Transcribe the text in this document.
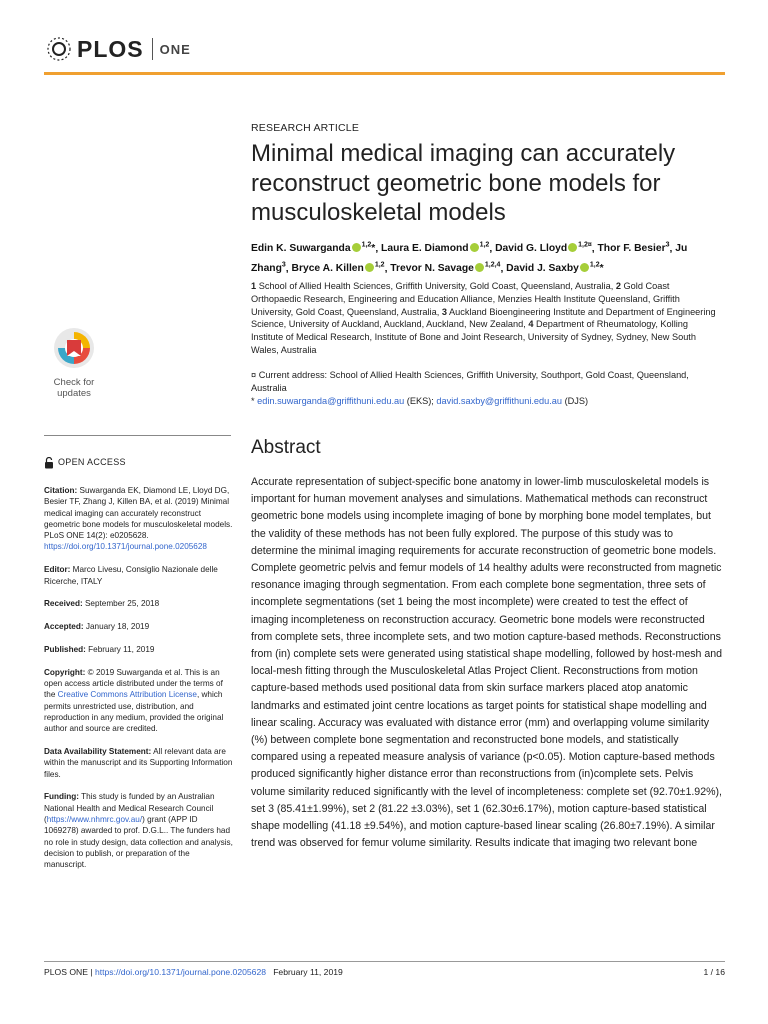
PLOS ONE
RESEARCH ARTICLE
Minimal medical imaging can accurately reconstruct geometric bone models for musculoskeletal models
Edin K. Suwarganda $^{1,2}$*, Laura E. Diamond $^{1,2}$, David G. Lloyd $^{1,2¤}$, Thor F. Besier$^3$, Ju Zhang$^3$, Bryce A. Killen $^{1,2}$, Trevor N. Savage $^{1,2,4}$, David J. Saxby $^{1,2}$*
1 School of Allied Health Sciences, Griffith University, Gold Coast, Queensland, Australia, 2 Gold Coast Orthopaedic Research, Engineering and Education Alliance, Menzies Health Institute Queensland, Griffith University, Gold Coast, Queensland, Australia, 3 Auckland Bioengineering Institute and Department of Engineering Science, University of Auckland, Auckland, Auckland, New Zealand, 4 Department of Rheumatology, Kolling Institute of Medical Research, Institute of Bone and Joint Research, University of Sydney, Sydney, New South Wales, Australia
¤ Current address: School of Allied Health Sciences, Griffith University, Southport, Gold Coast, Queensland, Australia
* edin.suwarganda@griffithuni.edu.au (EKS); david.saxby@griffithuni.edu.au (DJS)
Check for
updates
OPEN ACCESS
Citation: Suwarganda EK, Diamond LE, Lloyd DG, Besier TF, Zhang J, Killen BA, et al. (2019) Minimal medical imaging can accurately reconstruct geometric bone models for musculoskeletal models. PLoS ONE 14(2): e0205628. https://doi.org/10.1371/journal.pone.0205628
Editor: Marco Livesu, Consiglio Nazionale delle Ricerche, ITALY
Received: September 25, 2018
Accepted: January 18, 2019
Published: February 11, 2019
Copyright: © 2019 Suwarganda et al. This is an open access article distributed under the terms of the Creative Commons Attribution License, which permits unrestricted use, distribution, and reproduction in any medium, provided the original author and source are credited.
Data Availability Statement: All relevant data are within the manuscript and its Supporting Information files.
Funding: This study is funded by an Australian National Health and Medical Research Council (https://www.nhmrc.gov.au/) grant (APP ID 1069278) awarded to prof. D.G.L.. The funders had no role in study design, data collection and analysis, decision to publish, or preparation of the manuscript.
Abstract

Accurate representation of subject-specific bone anatomy in lower-limb musculoskeletal models is important for human movement analyses and simulations. Mathematical methods can reconstruct geometric bone models using incomplete imaging of bone by morphing bone model templates, but the validity of these methods has not been fully explored. The purpose of this study was to determine the minimal imaging requirements for accurate reconstruction of geometric bone models. Complete geometric pelvis and femur models of 14 healthy adults were reconstructed from magnetic resonance imaging through segmentation. From each complete bone segmentation, three sets of incomplete segmentations (set 1 being the most incomplete) were created to test the effect of imaging incompleteness on reconstruction accuracy. Geometric bone models were reconstructed from complete sets, three incomplete sets, and two motion capture-based methods. Reconstructions from (in) complete sets were generated using statistical shape modelling, followed by host-mesh and local-mesh fitting through the Musculoskeletal Atlas Project Client. Reconstructions from motion capture-based methods used positional data from skin surface markers placed atop anatomic landmarks and estimated joint centre locations as target points for statistical shape modelling and linear scaling. Accuracy was evaluated with distance error (mm) and overlapping volume similarity (%) between complete bone segmentation and reconstructed bone models, and statistically compared using a repeated measure analysis of variance (p<0.05). Motion capture-based methods produced significantly higher distance error than reconstructions from (in)complete sets. Pelvis volume similarity reduced significantly with the level of incompleteness: complete set (92.70±1.92%), set 3 (85.41±1.99%), set 2 (81.22 ±3.03%), set 1 (62.30±6.17%), motion capture-based statistical shape modelling (41.18 ±9.54%), and motion capture-based linear scaling (26.80±7.19%). A similar trend was observed for femur volume similarity. Results indicate that imaging two relevant bone

PLOS ONE | https://doi.org/10.1371/journal.pone.0205628 February 11, 2019	1 / 16
